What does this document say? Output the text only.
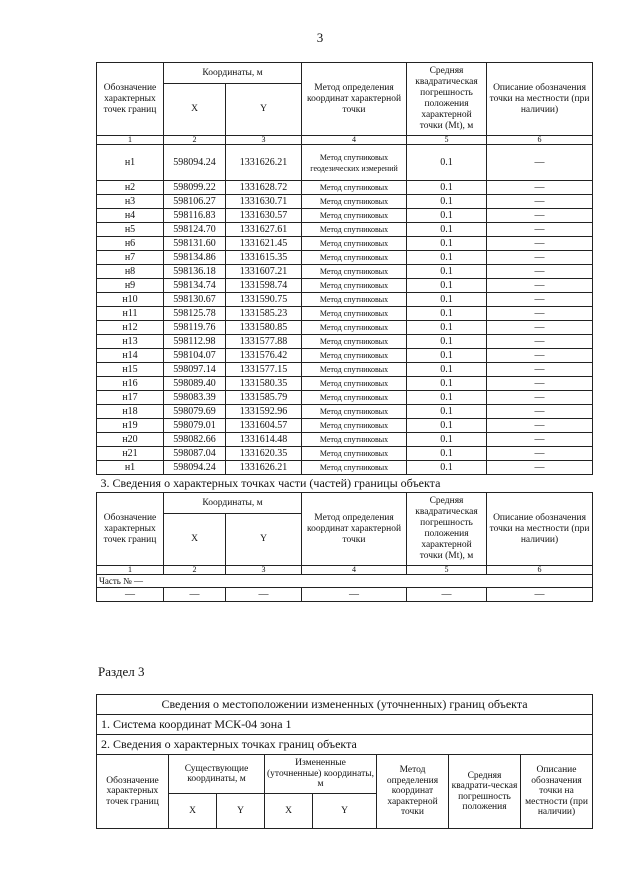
3
Обозначение характерных точек границ	Координаты, м		Метод определения координат характерной точки	Средняя квадратическая погрешность положения характерной точки (Mt), м	Описание обозначения точки на местности (при наличии)
	X	Y			
1	2	3	4	5	6
н1	598094.24	1331626.21	Метод спутниковых геодезических измерений	0.1	—
н2	598099.22	1331628.72	Метод спутниковых	0.1	—
н3	598106.27	1331630.71	Метод спутниковых	0.1	—
н4	598116.83	1331630.57	Метод спутниковых	0.1	—
н5	598124.70	1331627.61	Метод спутниковых	0.1	—
н6	598131.60	1331621.45	Метод спутниковых	0.1	—
н7	598134.86	1331615.35	Метод спутниковых	0.1	—
н8	598136.18	1331607.21	Метод спутниковых	0.1	—
н9	598134.74	1331598.74	Метод спутниковых	0.1	—
н10	598130.67	1331590.75	Метод спутниковых	0.1	—
н11	598125.78	1331585.23	Метод спутниковых	0.1	—
н12	598119.76	1331580.85	Метод спутниковых	0.1	—
н13	598112.98	1331577.88	Метод спутниковых	0.1	—
н14	598104.07	1331576.42	Метод спутниковых	0.1	—
н15	598097.14	1331577.15	Метод спутниковых	0.1	—
н16	598089.40	1331580.35	Метод спутниковых	0.1	—
н17	598083.39	1331585.79	Метод спутниковых	0.1	—
н18	598079.69	1331592.96	Метод спутниковых	0.1	—
н19	598079.01	1331604.57	Метод спутниковых	0.1	—
н20	598082.66	1331614.48	Метод спутниковых	0.1	—
н21	598087.04	1331620.35	Метод спутниковых	0.1	—
н1	598094.24	1331626.21	Метод спутниковых	0.1	—
3. Сведения о характерных точках части (частей) границы объекта					
Обозначение характерных точек границ	Координаты, м		Метод определения координат характерной точки	Средняя квадратическая погрешность положения характерной точки (Mt), м	Описание обозначения точки на местности (при наличии)
	X	Y			
1	2	3	4	5	6
Часть № —					
—	—	—	—	—	—
Раздел 3
Сведения о местоположении измененных (уточненных) границ объекта							
1. Система координат МСК-04 зона 1							
2. Сведения о характерных точках границ объекта							
Обозначение характерных точек границ	Существующие координаты, м		Измененные (уточненные) координаты, м		Метод определения координат характерной точки	Средняя квадрати-ческая погрешность положения	Описание обозначения точки на местности (при наличии)
	X	Y	X	Y			
